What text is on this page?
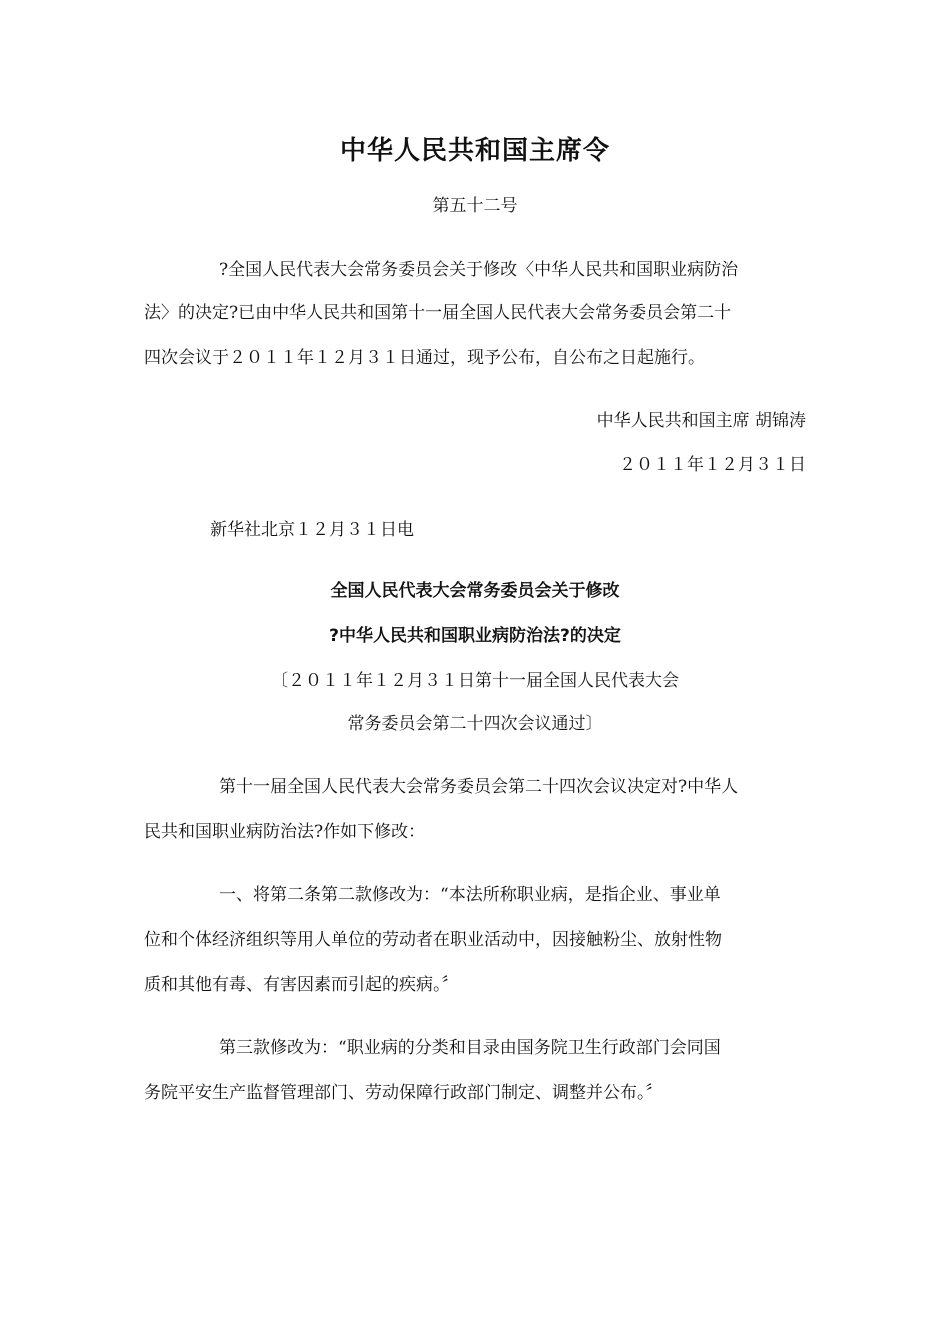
中华人民共和国主席令
第五十二号
?全国人民代表大会常务委员会关于修改〈中华人民共和国职业病防治
法〉的决定?已由中华人民共和国第十一届全国人民代表大会常务委员会第二十
四次会议于２０１１年１２月３１日通过，现予公布，自公布之日起施行。
中华人民共和国主席 胡锦涛
２０１１年１２月３１日
新华社北京１２月３１日电
全国人民代表大会常务委员会关于修改
?中华人民共和国职业病防治法?的决定
〔２０１１年１２月３１日第十一届全国人民代表大会
常务委员会第二十四次会议通过〕
第十一届全国人民代表大会常务委员会第二十四次会议决定对?中华人
民共和国职业病防治法?作如下修改：
一、将第二条第二款修改为：“本法所称职业病，是指企业、事业单
位和个体经济组织等用人单位的劳动者在职业活动中，因接触粉尘、放射性物
质和其他有毒、有害因素而引起的疾病。〞
第三款修改为：“职业病的分类和目录由国务院卫生行政部门会同国
务院平安生产监督管理部门、劳动保障行政部门制定、调整并公布。〞
